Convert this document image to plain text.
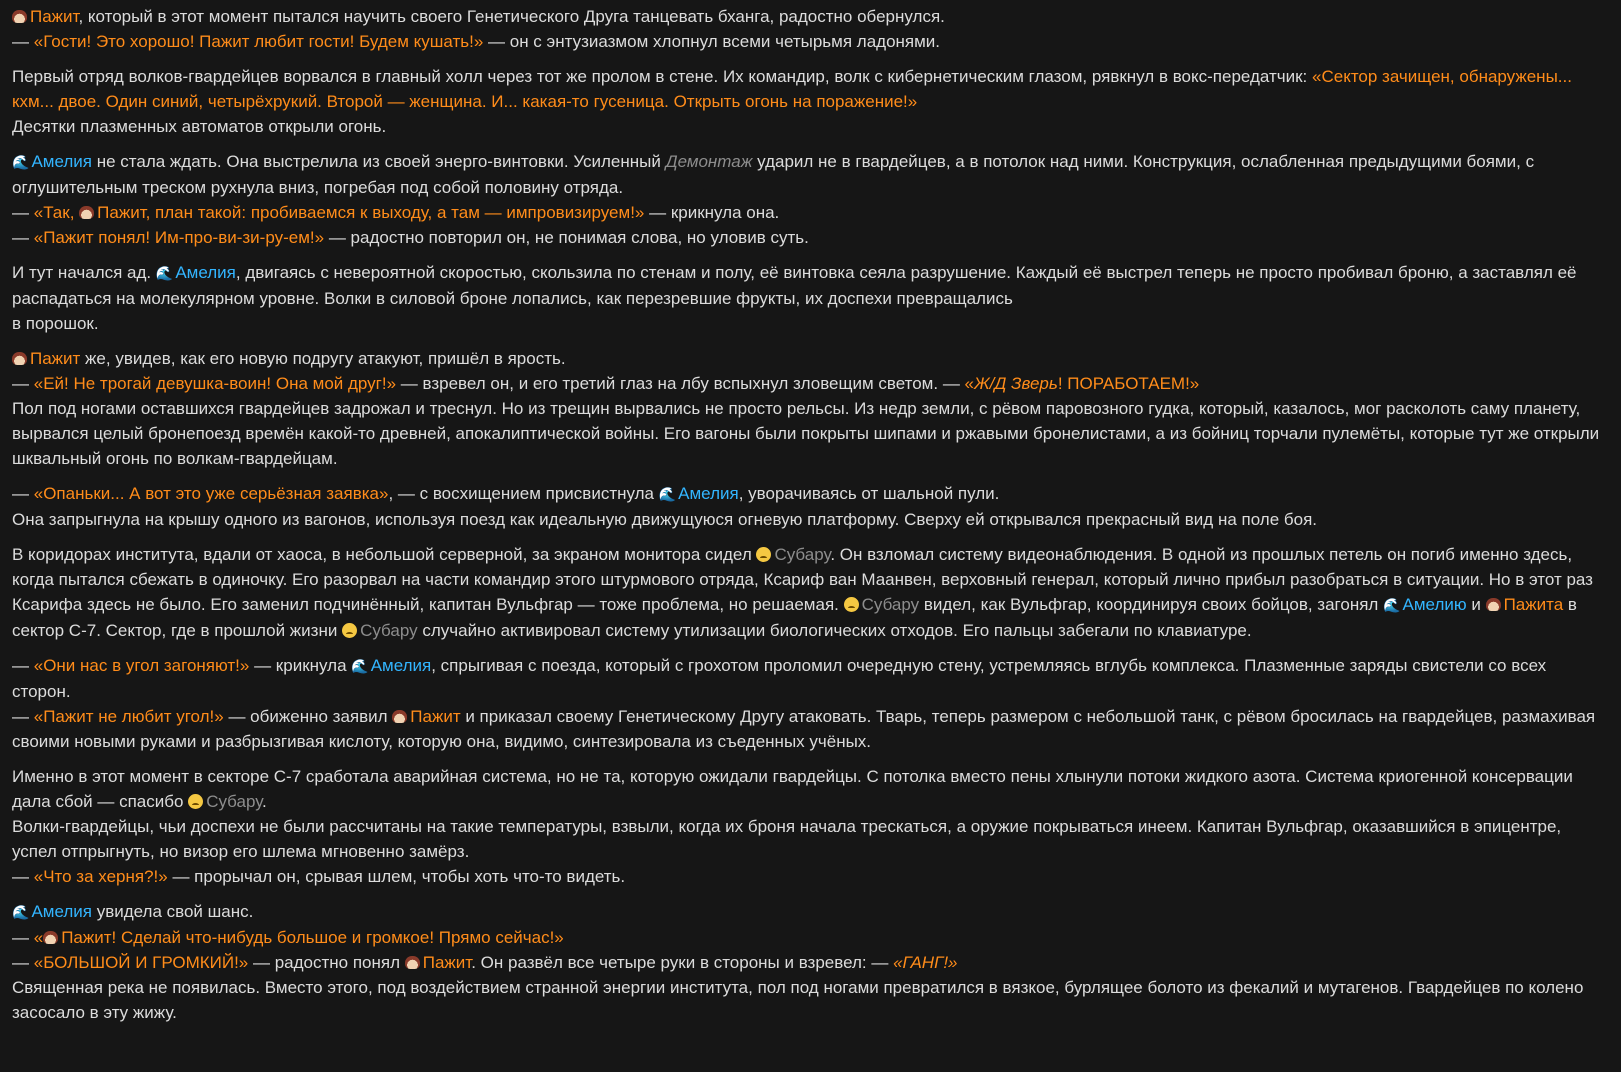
Пажит, который в этот момент пытался научить своего Генетического Друга танцевать бханга, радостно обернулся.
— «Гости! Это хорошо! Пажит любит гости! Будем кушать!» — он с энтузиазмом хлопнул всеми четырьмя ладонями.
Первый отряд волков-гвардейцев ворвался в главный холл через тот же пролом в стене. Их командир, волк с кибернетическим глазом, рявкнул в вокс-передатчик: «Сектор зачищен, обнаружены... кхм... двое. Один синий, четырёхрукий. Второй — женщина. И... какая-то гусеница. Открыть огонь на поражение!»
Десятки плазменных автоматов открыли огонь.
🌊 Амелия не стала ждать. Она выстрелила из своей энерго-винтовки. Усиленный Демонтаж ударил не в гвардейцев, а в потолок над ними. Конструкция, ослабленная предыдущими боями, с оглушительным треском рухнула вниз, погребая под собой половину отряда.
— «Так, Пажит, план такой: пробиваемся к выходу, а там — импровизируем!» — крикнула она.
— «Пажит понял! Им-про-ви-зи-ру-ем!» — радостно повторил он, не понимая слова, но уловив суть.
И тут начался ад. 🌊 Амелия, двигаясь с невероятной скоростью, скользила по стенам и полу, её винтовка сеяла разрушение. Каждый её выстрел теперь не просто пробивал броню, а заставлял её распадаться на молекулярном уровне. Волки в силовой броне лопались, как перезревшие фрукты, их доспехи превращались
в порошок.
Пажит же, увидев, как его новую подругу атакуют, пришёл в ярость.
— «Ей! Не трогай девушка-воин! Она мой друг!» — взревел он, и его третий глаз на лбу вспыхнул зловещим светом. — «Ж/Д Зверь! ПОРАБОТАЕМ!»
Пол под ногами оставшихся гвардейцев задрожал и треснул. Но из трещин вырвались не просто рельсы. Из недр земли, с рёвом паровозного гудка, который, казалось, мог расколоть саму планету, вырвался целый бронепоезд времён какой-то древней, апокалиптической войны. Его вагоны были покрыты шипами и ржавыми бронелистами, а из бойниц торчали пулемёты, которые тут же открыли шквальный огонь по волкам-гвардейцам.
— «Опаньки... А вот это уже серьёзная заявка», — с восхищением присвистнула 🌊 Амелия, уворачиваясь от шальной пули.
Она запрыгнула на крышу одного из вагонов, используя поезд как идеальную движущуюся огневую платформу. Сверху ей открывался прекрасный вид на поле боя.
В коридорах института, вдали от хаоса, в небольшой серверной, за экраном монитора сидел Субару. Он взломал систему видеонаблюдения. В одной из прошлых петель он погиб именно здесь, когда пытался сбежать в одиночку. Его разорвал на части командир этого штурмового отряда, Ксариф ван Маанвен, верховный генерал, который лично прибыл разобраться в ситуации. Но в этот раз Ксарифа здесь не было. Его заменил подчинённый, капитан Вульфгар — тоже проблема, но решаемая. Субару видел, как Вульфгар, координируя своих бойцов, загонял 🌊 Амелию и Пажита в сектор С-7. Сектор, где в прошлой жизни Субару случайно активировал систему утилизации биологических отходов. Его пальцы забегали по клавиатуре.
— «Они нас в угол загоняют!» — крикнула 🌊 Амелия, спрыгивая с поезда, который с грохотом проломил очередную стену, устремляясь вглубь комплекса. Плазменные заряды свистели со всех сторон.
— «Пажит не любит угол!» — обиженно заявил Пажит и приказал своему Генетическому Другу атаковать. Тварь, теперь размером с небольшой танк, с рёвом бросилась на гвардейцев, размахивая своими новыми руками и разбрызгивая кислоту, которую она, видимо, синтезировала из съеденных учёных.
Именно в этот момент в секторе С-7 сработала аварийная система, но не та, которую ожидали гвардейцы. С потолка вместо пены хлынули потоки жидкого азота. Система криогенной консервации дала сбой — спасибо Субару.
Волки-гвардейцы, чьи доспехи не были рассчитаны на такие температуры, взвыли, когда их броня начала трескаться, а оружие покрываться инеем. Капитан Вульфгар, оказавшийся в эпицентре, успел отпрыгнуть, но визор его шлема мгновенно замёрз.
— «Что за херня?!» — прорычал он, срывая шлем, чтобы хоть что-то видеть.
🌊 Амелия увидела свой шанс.
— « Пажит! Сделай что-нибудь большое и громкое! Прямо сейчас!»
— «БОЛЬШОЙ И ГРОМКИЙ!» — радостно понял Пажит. Он развёл все четыре руки в стороны и взревел: — «ГАНГ!»
Священная река не появилась. Вместо этого, под воздействием странной энергии института, пол под ногами превратился в вязкое, бурлящее болото из фекалий и мутагенов. Гвардейцев по колено засосало в эту жижу.
